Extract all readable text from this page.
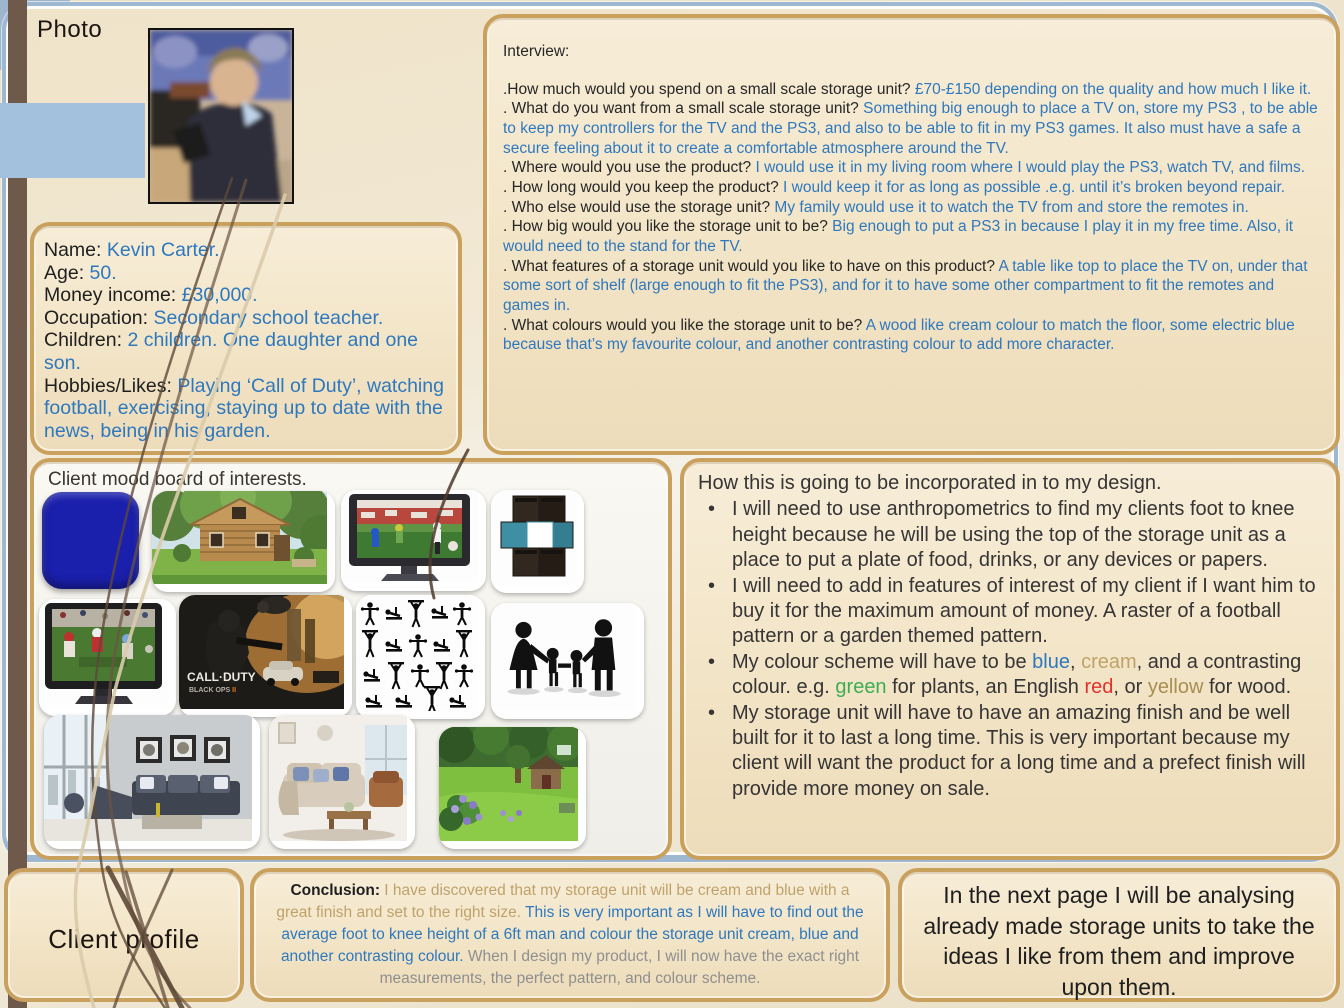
Photo
Name: Kevin Carter.
Age: 50.
Money income: £30,000.
Occupation: Secondary school teacher.
Children: 2 children. One daughter and one son.
Hobbies/Likes: Playing ‘Call of Duty’, watching football, exercising, staying up to date with the news, being in his garden.
Interview:
.How much would you spend on a small scale storage unit? £70-£150 depending on the quality and how much I like it.
. What do you want from a small scale storage unit? Something big enough to place a TV on, store my PS3 , to be able to keep my controllers for the TV and the PS3, and also to be able to fit in my PS3 games. It also must have a safe a secure feeling about it to create a comfortable atmosphere around the TV.
. Where would you use the product? I would use it in my living room where I would play the PS3, watch TV, and films.
. How long would you keep the product? I would keep it for as long as possible .e.g. until it’s broken beyond repair.
. Who else would use the storage unit? My family would use it to watch the TV from and store the remotes in.
. How big would you like the storage unit to be? Big enough to put a PS3 in because I play it in my free time. Also, it would need to the stand for the TV.
. What features of a storage unit would you like to have on this product? A table like top to place the TV on, under that some sort of shelf (large enough to fit the PS3), and for it to have some other compartment to fit the remotes and games in.
. What colours would you like the storage unit to be? A wood like cream colour to match the floor, some electric blue because that’s my favourite colour, and another contrasting colour to add more character.
Client mood board of interests.
CALL·DUTY
BLACK OPS II

How this is going to be incorporated in to my design.

• I will need to use anthropometrics to find my clients foot to knee height because he will be using the top of the storage unit as a place to put a plate of food, drinks, or any devices or papers.
• I will need to add in features of interest of my client if I want him to buy it for the maximum amount of money. A raster of a football pattern or a garden themed pattern.
• My colour scheme will have to be blue, cream, and a contrasting colour. e.g. green for plants, an English red, or yellow for wood.
• My storage unit will have to have an amazing finish and be well built for it to last a long time. This is very important because my client will want the product for a long time and a prefect finish will provide more money on sale.
Client profile
Conclusion: I have discovered that my storage unit will be cream and blue with a great finish and set to the right size. This is very important as I will have to find out the average foot to knee height of a 6ft man and colour the storage unit cream, blue and another contrasting colour. When I design my product, I will now have the exact right measurements, the perfect pattern, and colour scheme.
In the next page I will be analysing already made storage units to take the ideas I like from them and improve upon them.
